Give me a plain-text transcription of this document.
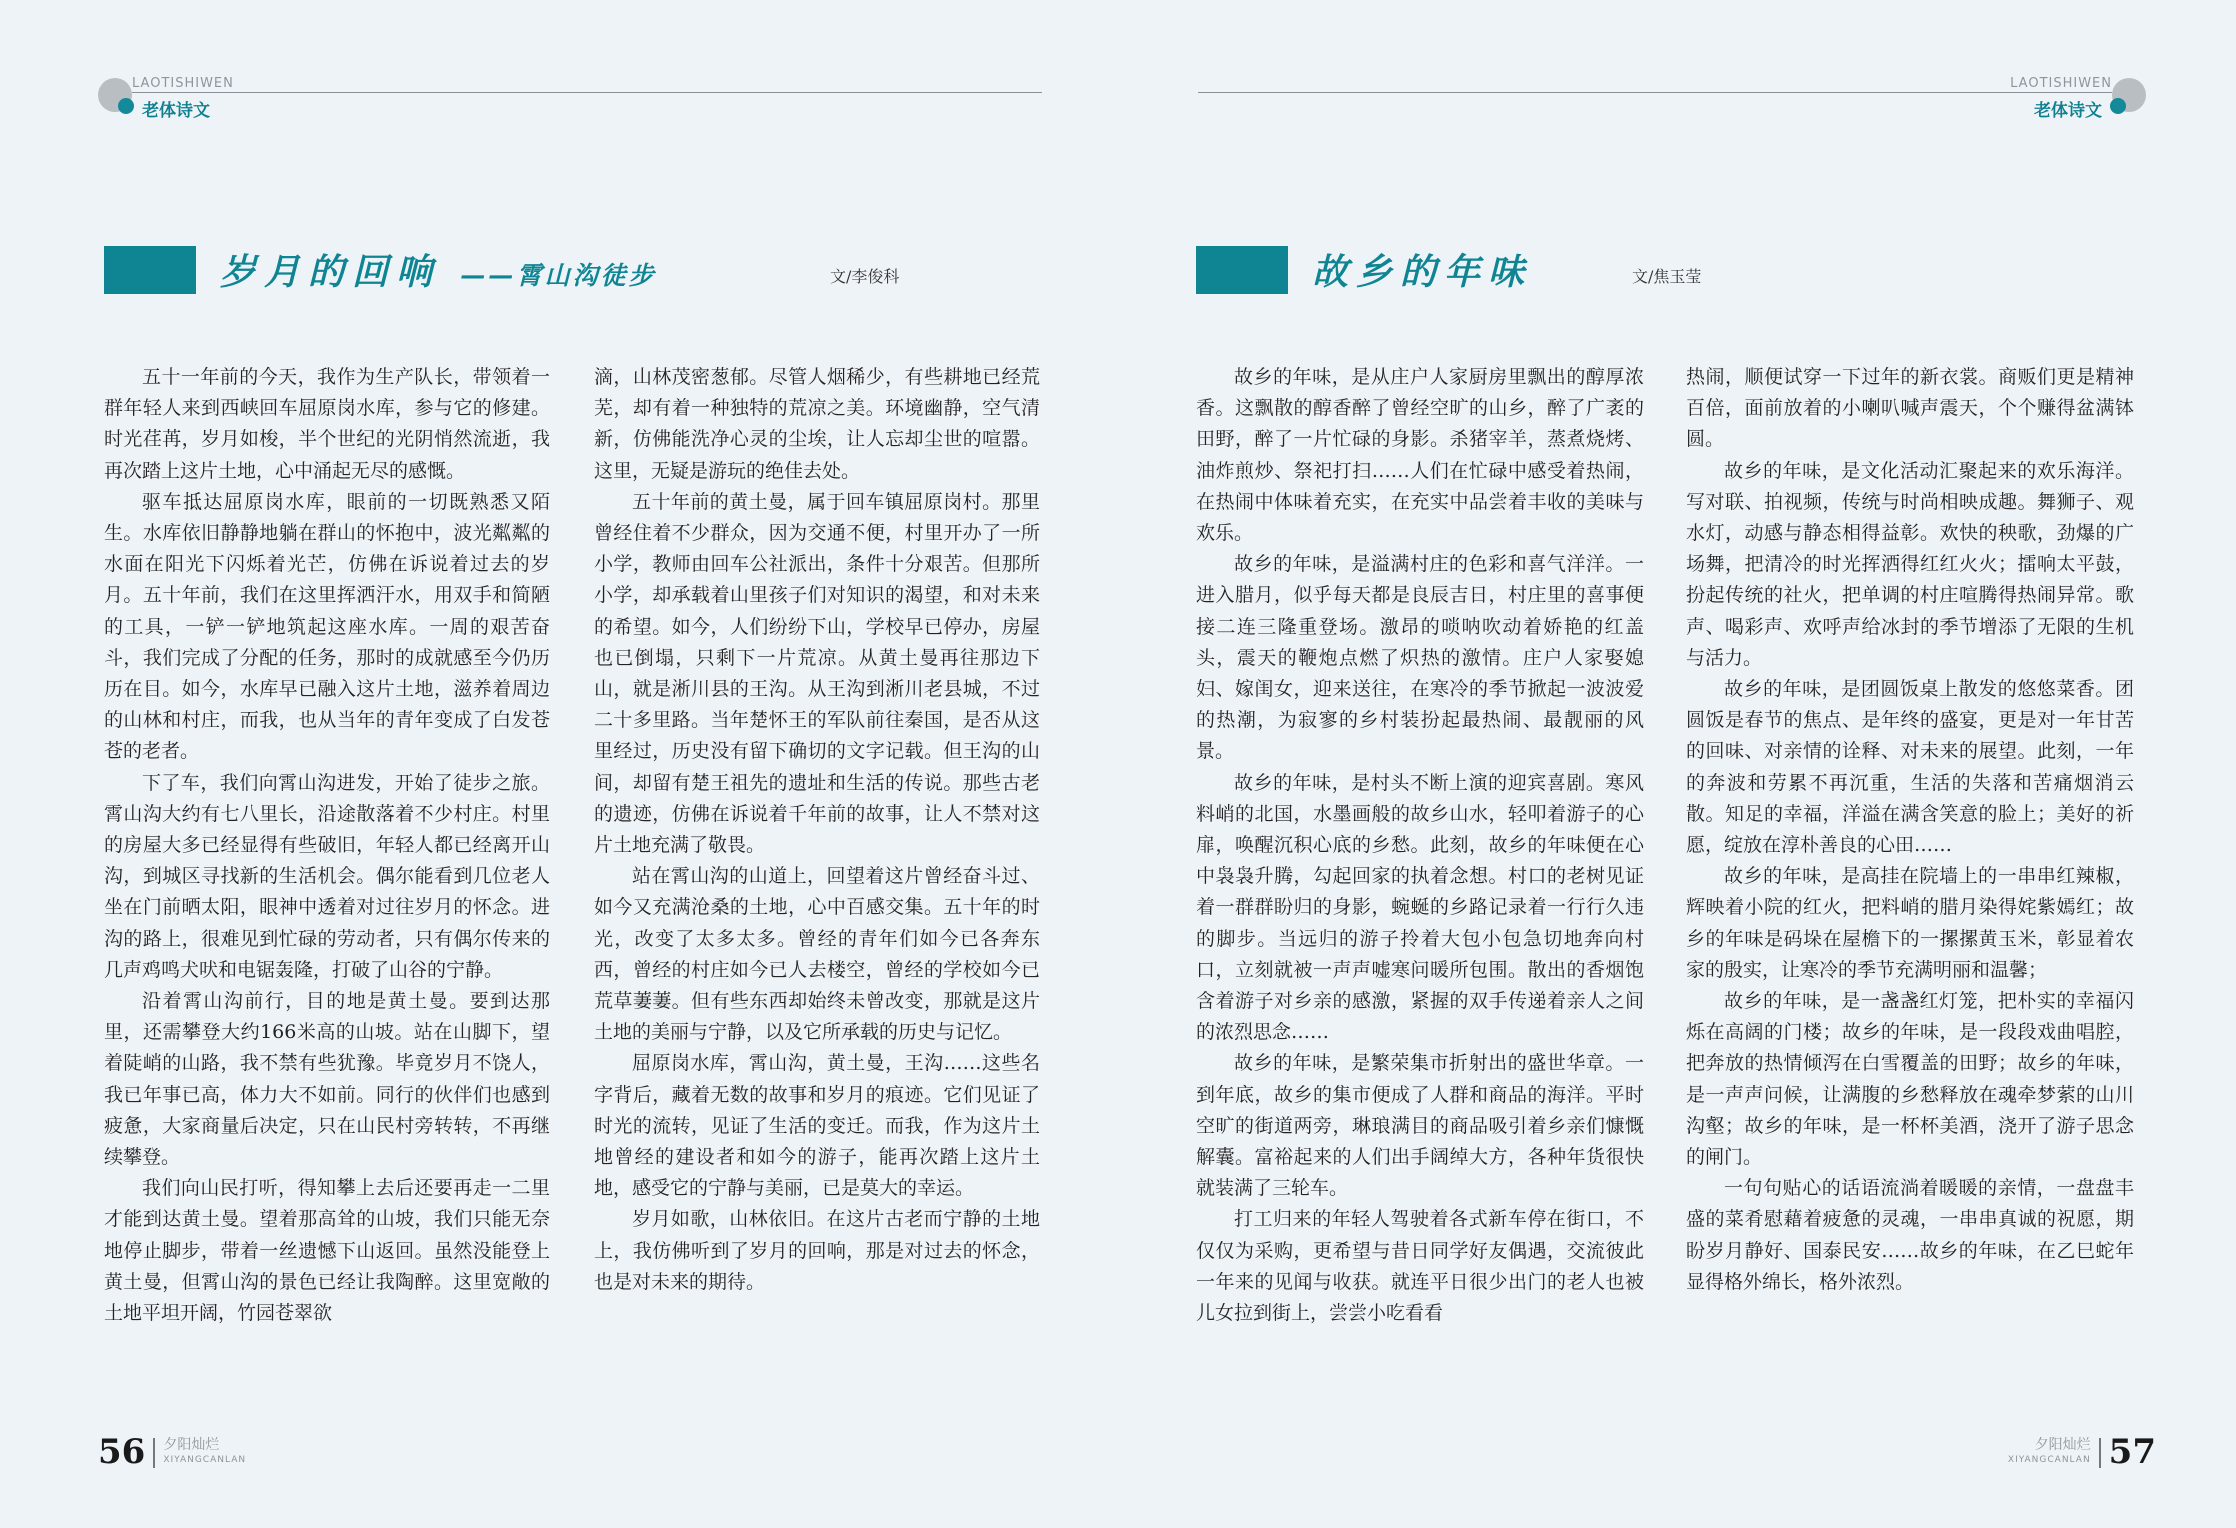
LAOTISHIWEN
老体诗文
岁月的回响 ——霄山沟徒步	文/李俊科

五十一年前的今天，我作为生产队长，带领着一群年轻人来到西峡回车屈原岗水库，参与它的修建。时光荏苒，岁月如梭，半个世纪的光阴悄然流逝，我再次踏上这片土地，心中涌起无尽的感慨。

驱车抵达屈原岗水库，眼前的一切既熟悉又陌生。水库依旧静静地躺在群山的怀抱中，波光粼粼的水面在阳光下闪烁着光芒，仿佛在诉说着过去的岁月。五十年前，我们在这里挥洒汗水，用双手和简陋的工具，一铲一铲地筑起这座水库。一周的艰苦奋斗，我们完成了分配的任务，那时的成就感至今仍历历在目。如今，水库早已融入这片土地，滋养着周边的山林和村庄，而我，也从当年的青年变成了白发苍苍的老者。

下了车，我们向霄山沟进发，开始了徒步之旅。霄山沟大约有七八里长，沿途散落着不少村庄。村里的房屋大多已经显得有些破旧，年轻人都已经离开山沟，到城区寻找新的生活机会。偶尔能看到几位老人坐在门前晒太阳，眼神中透着对过往岁月的怀念。进沟的路上，很难见到忙碌的劳动者，只有偶尔传来的几声鸡鸣犬吠和电锯轰隆，打破了山谷的宁静。

沿着霄山沟前行，目的地是黄土曼。要到达那里，还需攀登大约166米高的山坡。站在山脚下，望着陡峭的山路，我不禁有些犹豫。毕竟岁月不饶人，我已年事已高，体力大不如前。同行的伙伴们也感到疲惫，大家商量后决定，只在山民村旁转转，不再继续攀登。

我们向山民打听，得知攀上去后还要再走一二里才能到达黄土曼。望着那高耸的山坡，我们只能无奈地停止脚步，带着一丝遗憾下山返回。虽然没能登上黄土曼，但霄山沟的景色已经让我陶醉。这里宽敞的土地平坦开阔，竹园苍翠欲

滴，山林茂密葱郁。尽管人烟稀少，有些耕地已经荒芜，却有着一种独特的荒凉之美。环境幽静，空气清新，仿佛能洗净心灵的尘埃，让人忘却尘世的喧嚣。这里，无疑是游玩的绝佳去处。

五十年前的黄土曼，属于回车镇屈原岗村。那里曾经住着不少群众，因为交通不便，村里开办了一所小学，教师由回车公社派出，条件十分艰苦。但那所小学，却承载着山里孩子们对知识的渴望，和对未来的希望。如今，人们纷纷下山，学校早已停办，房屋也已倒塌，只剩下一片荒凉。从黄土曼再往那边下山，就是淅川县的王沟。从王沟到淅川老县城，不过二十多里路。当年楚怀王的军队前往秦国，是否从这里经过，历史没有留下确切的文字记载。但王沟的山间，却留有楚王祖先的遗址和生活的传说。那些古老的遗迹，仿佛在诉说着千年前的故事，让人不禁对这片土地充满了敬畏。

站在霄山沟的山道上，回望着这片曾经奋斗过、如今又充满沧桑的土地，心中百感交集。五十年的时光，改变了太多太多。曾经的青年们如今已各奔东西，曾经的村庄如今已人去楼空，曾经的学校如今已荒草萋萋。但有些东西却始终未曾改变，那就是这片土地的美丽与宁静，以及它所承载的历史与记忆。

屈原岗水库，霄山沟，黄土曼，王沟……这些名字背后，藏着无数的故事和岁月的痕迹。它们见证了时光的流转，见证了生活的变迁。而我，作为这片土地曾经的建设者和如今的游子，能再次踏上这片土地，感受它的宁静与美丽，已是莫大的幸运。

岁月如歌，山林依旧。在这片古老而宁静的土地上，我仿佛听到了岁月的回响，那是对过去的怀念，也是对未来的期待。

56 夕阳灿烂
XIYANGCANLAN
LAOTISHIWEN
老体诗文
故乡的年味	文/焦玉莹

故乡的年味，是从庄户人家厨房里飘出的醇厚浓香。这飘散的醇香醉了曾经空旷的山乡，醉了广袤的田野，醉了一片忙碌的身影。杀猪宰羊，蒸煮烧烤、油炸煎炒、祭祀打扫……人们在忙碌中感受着热闹，在热闹中体味着充实，在充实中品尝着丰收的美味与欢乐。

故乡的年味，是溢满村庄的色彩和喜气洋洋。一进入腊月，似乎每天都是良辰吉日，村庄里的喜事便接二连三隆重登场。激昂的唢呐吹动着娇艳的红盖头，震天的鞭炮点燃了炽热的激情。庄户人家娶媳妇、嫁闺女，迎来送往，在寒冷的季节掀起一波波爱的热潮，为寂寥的乡村装扮起最热闹、最靓丽的风景。

故乡的年味，是村头不断上演的迎宾喜剧。寒风料峭的北国，水墨画般的故乡山水，轻叩着游子的心扉，唤醒沉积心底的乡愁。此刻，故乡的年味便在心中袅袅升腾，勾起回家的执着念想。村口的老树见证着一群群盼归的身影，蜿蜒的乡路记录着一行行久违的脚步。当远归的游子拎着大包小包急切地奔向村口，立刻就被一声声嘘寒问暖所包围。散出的香烟饱含着游子对乡亲的感激，紧握的双手传递着亲人之间的浓烈思念……

故乡的年味，是繁荣集市折射出的盛世华章。一到年底，故乡的集市便成了人群和商品的海洋。平时空旷的街道两旁，琳琅满目的商品吸引着乡亲们慷慨解囊。富裕起来的人们出手阔绰大方，各种年货很快就装满了三轮车。

打工归来的年轻人驾驶着各式新车停在街口，不仅仅为采购，更希望与昔日同学好友偶遇，交流彼此一年来的见闻与收获。就连平日很少出门的老人也被儿女拉到街上，尝尝小吃看看

热闹，顺便试穿一下过年的新衣裳。商贩们更是精神百倍，面前放着的小喇叭喊声震天，个个赚得盆满钵圆。

故乡的年味，是文化活动汇聚起来的欢乐海洋。写对联、拍视频，传统与时尚相映成趣。舞狮子、观水灯，动感与静态相得益彰。欢快的秧歌，劲爆的广场舞，把清冷的时光挥洒得红红火火；擂响太平鼓，扮起传统的社火，把单调的村庄喧腾得热闹异常。歌声、喝彩声、欢呼声给冰封的季节增添了无限的生机与活力。

故乡的年味，是团圆饭桌上散发的悠悠菜香。团圆饭是春节的焦点、是年终的盛宴，更是对一年甘苦的回味、对亲情的诠释、对未来的展望。此刻，一年的奔波和劳累不再沉重，生活的失落和苦痛烟消云散。知足的幸福，洋溢在满含笑意的脸上；美好的祈愿，绽放在淳朴善良的心田……

故乡的年味，是高挂在院墙上的一串串红辣椒，辉映着小院的红火，把料峭的腊月染得姹紫嫣红；故乡的年味是码垛在屋檐下的一摞摞黄玉米，彰显着农家的殷实，让寒冷的季节充满明丽和温馨；

故乡的年味，是一盏盏红灯笼，把朴实的幸福闪烁在高阔的门楼；故乡的年味，是一段段戏曲唱腔，把奔放的热情倾泻在白雪覆盖的田野；故乡的年味，是一声声问候，让满腹的乡愁释放在魂牵梦萦的山川沟壑；故乡的年味，是一杯杯美酒，浇开了游子思念的闸门。

一句句贴心的话语流淌着暖暖的亲情，一盘盘丰盛的菜肴慰藉着疲惫的灵魂，一串串真诚的祝愿，期盼岁月静好、国泰民安……故乡的年味，在乙巳蛇年显得格外绵长，格外浓烈。

夕阳灿烂
XIYANGCANLAN 57
